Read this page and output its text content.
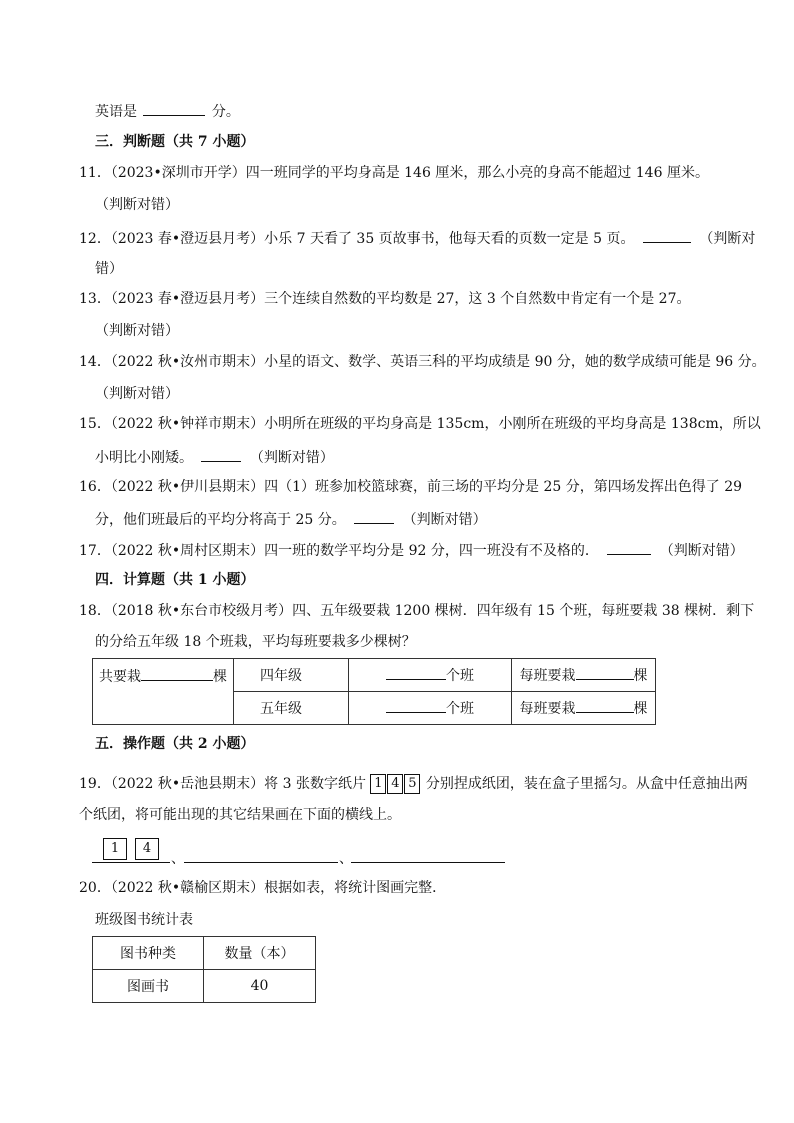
英语是	分。
三．判断题（共 7 小题）
11．（2023•深圳市开学）四一班同学的平均身高是 146 厘米，那么小亮的身高不能超过 146 厘米。
（判断对错）
12．（2023 春•澄迈县月考）小乐 7 天看了 35 页故事书，他每天看的页数一定是 5 页。	（判断对
错）
13．（2023 春•澄迈县月考）三个连续自然数的平均数是 27，这 3 个自然数中肯定有一个是 27。
（判断对错）
14．（2022 秋•汝州市期末）小星的语文、数学、英语三科的平均成绩是 90 分，她的数学成绩可能是 96 分。
（判断对错）
15．（2022 秋•钟祥市期末）小明所在班级的平均身高是 135cm，小刚所在班级的平均身高是 138cm，所以
小明比小刚矮。	（判断对错）
16．（2022 秋•伊川县期末）四（1）班参加校篮球赛，前三场的平均分是 25 分，第四场发挥出色得了 29
分，他们班最后的平均分将高于 25 分。	（判断对错）
17．（2022 秋•周村区期末）四一班的数学平均分是 92 分，四一班没有不及格的．	（判断对错）
四．计算题（共 1 小题）
18．（2018 秋•东台市校级月考）四、五年级要栽 1200 棵树．四年级有 15 个班，每班要栽 38 棵树．剩下
的分给五年级 18 个班栽，平均每班要栽多少棵树？
共要栽 棵	四年级	个班	每班要栽 棵
	五年级	个班	每班要栽 棵
五．操作题（共 2 小题）
19．（2022 秋•岳池县期末）将 3 张数字纸片 1 4 5 分别捏成纸团，装在盒子里摇匀。从盒中任意抽出两
个纸团，将可能出现的其它结果画在下面的横线上。
1	4
、	、
20．（2022 秋•赣榆区期末）根据如表，将统计图画完整．
班级图书统计表
图书种类	数量（本）
图画书	40
